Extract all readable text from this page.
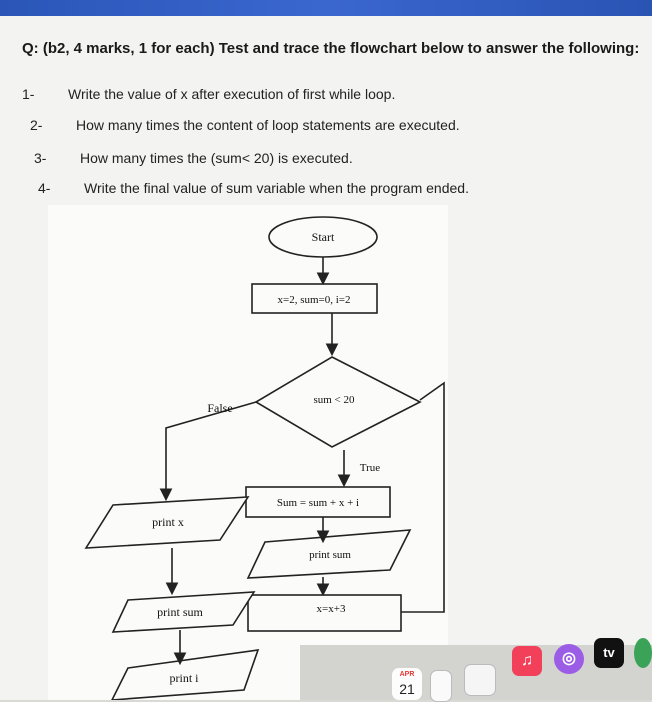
Q: (b2, 4 marks, 1 for each) Test and trace the flowchart below to answer the following:
1- Write the value of x after execution of first while loop.
2- How many times the content of loop statements are executed.
3- How many times the (sum< 20) is executed.
4- Write the final value of sum variable when the program ended.
Start
x=2, sum=0, i=2
sum < 20
False
True
Sum = sum + x + i
print sum
x=x+3
print x
print sum
print i	APR
21
♫	◎	tv
